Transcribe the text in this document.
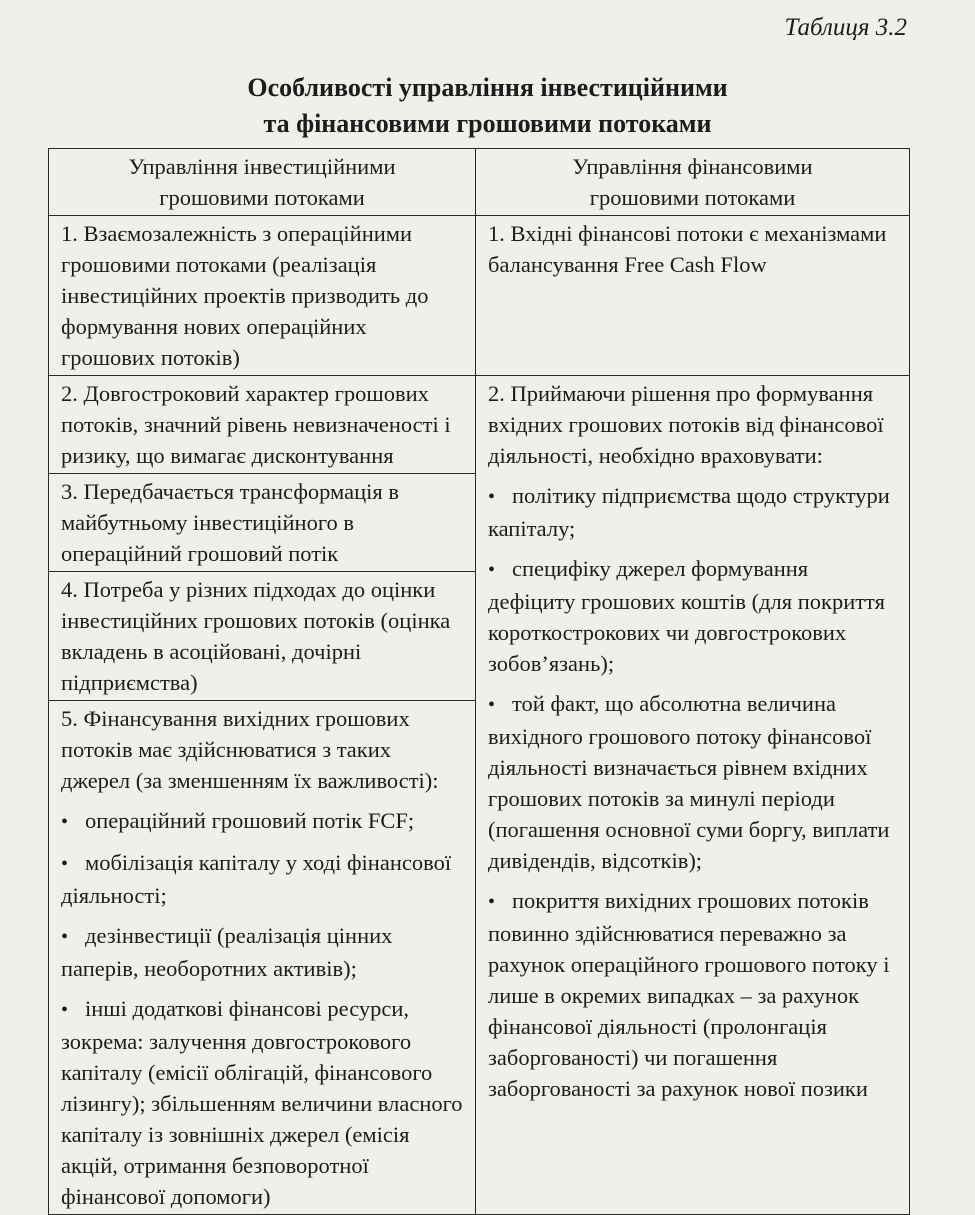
Таблиця 3.2
Особливості управління інвестиційними
та фінансовими грошовими потоками
Управління інвестиційними
грошовими потоками	Управління фінансовими
грошовими потоками

1. Взаємозалежність з операційними грошовими потоками (реалізація інвестиційних проектів призводить до формування нових операційних грошових потоків)	1. Вхідні фінансові потоки є механізмами балансування Free Cash Flow
2. Довгостроковий характер грошових потоків, значний рівень невизначеності і ризику, що вимагає дисконтування	2. Приймаючи рішення про формування вхідних грошових потоків від фінансової діяльності, необхідно враховувати:

• політику підприємства щодо структури капіталу;

• специфіку джерел формування дефіциту грошових коштів (для покриття короткострокових чи довгострокових зобов’язань);

• той факт, що абсолютна величина вихідного грошового потоку фінансової діяльності визначається рівнем вхідних грошових потоків за минулі періоди (погашення основної суми боргу, виплати дивідендів, відсотків);

• покриття вихідних грошових потоків повинно здійснюватися переважно за рахунок операційного грошового потоку і лише в окремих випадках – за рахунок фінансової діяльності (пролонгація заборгованості) чи погашення заборгованості за рахунок нової позики

3. Передбачається трансформація в майбутньому інвестиційного в операційний грошовий потік	
4. Потреба у різних підходах до оцінки інвестиційних грошових потоків (оцінка вкладень в асоційовані, дочірні підприємства)	

5. Фінансування вихідних грошових потоків має здійснюватися з таких джерел (за зменшенням їх важливості):

• операційний грошовий потік FCF;

• мобілізація капіталу у ході фінансової діяльності;

• дезінвестиції (реалізація цінних паперів, необоротних активів);

• інші додаткові фінансові ресурси, зокрема: залучення довгострокового капіталу (емісії облігацій, фінансового лізингу); збільшенням величини власного капіталу із зовнішніх джерел (емісія акцій, отримання безповоротної фінансової допомоги)
